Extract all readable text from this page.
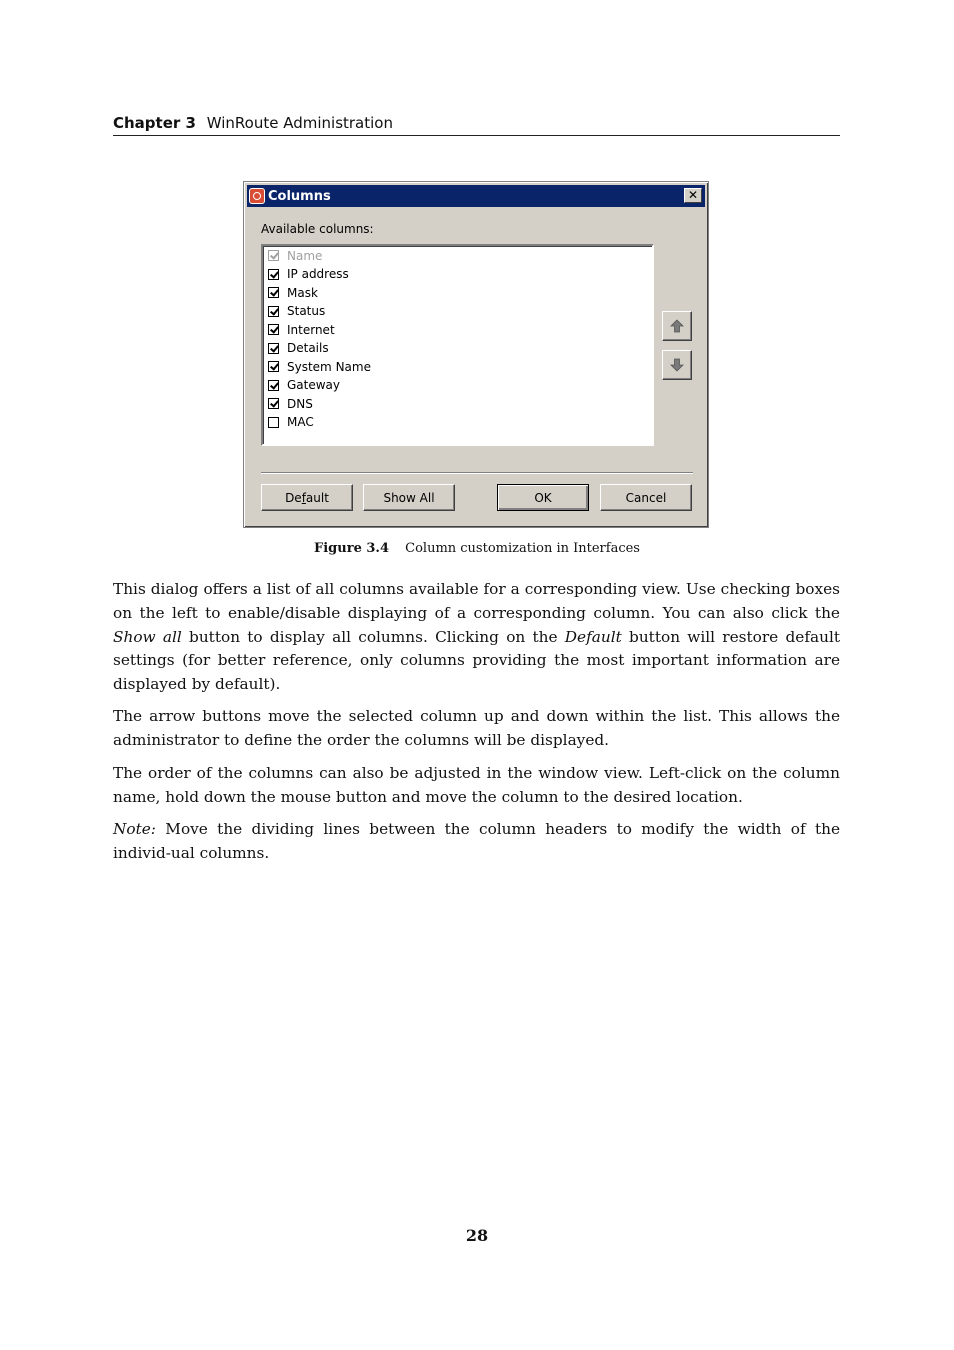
Chapter 3 WinRoute Administration
Columns	✕
Available columns:
Name
IP address
Mask
Status
Internet
Details
System Name
Gateway
DNS
MAC
Default	Show All	OK	Cancel
Figure 3.4 Column customization in Interfaces

This dialog offers a list of all columns available for a corresponding view. Use checking boxes on the left to enable/disable displaying of a corresponding column. You can also click the Show all button to display all columns. Clicking on the Default button will restore default settings (for better reference, only columns providing the most important information are displayed by default).

The arrow buttons move the selected column up and down within the list. This allows the administrator to define the order the columns will be displayed.

The order of the columns can also be adjusted in the window view. Left-click on the column name, hold down the mouse button and move the column to the desired location.

Note: Move the dividing lines between the column headers to modify the width of the individ-ual columns.

28
